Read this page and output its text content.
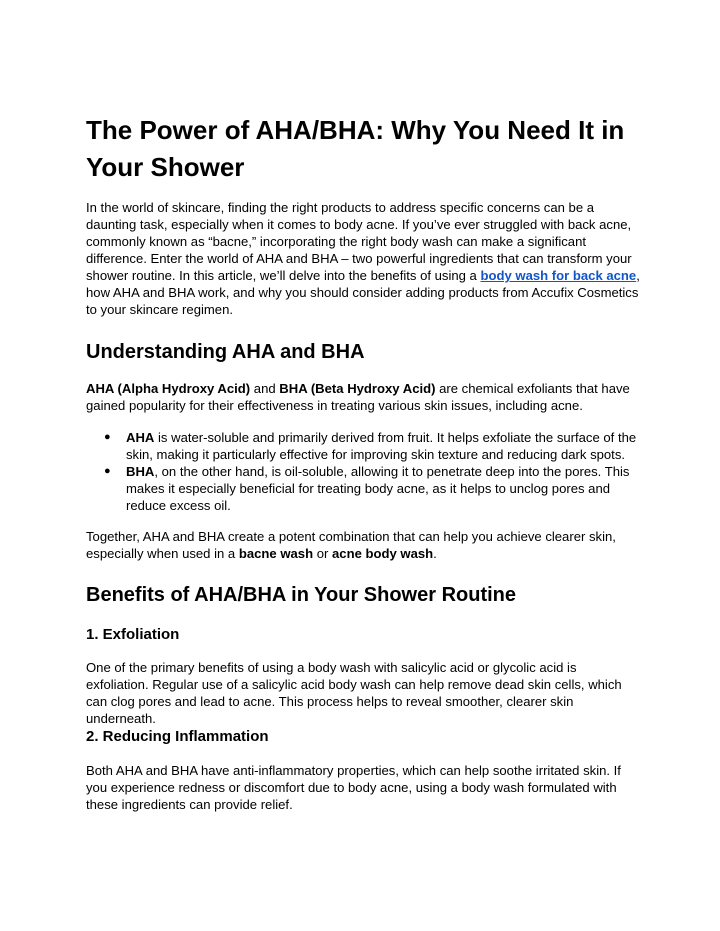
The Power of AHA/BHA: Why You Need It in Your Shower

In the world of skincare, finding the right products to address specific concerns can be a daunting task, especially when it comes to body acne. If you’ve ever struggled with back acne, commonly known as “bacne,” incorporating the right body wash can make a significant difference. Enter the world of AHA and BHA – two powerful ingredients that can transform your shower routine. In this article, we’ll delve into the benefits of using a body wash for back acne, how AHA and BHA work, and why you should consider adding products from Accufix Cosmetics to your skincare regimen.

Understanding AHA and BHA

AHA (Alpha Hydroxy Acid) and BHA (Beta Hydroxy Acid) are chemical exfoliants that have gained popularity for their effectiveness in treating various skin issues, including acne.

● AHA is water-soluble and primarily derived from fruit. It helps exfoliate the surface of the skin, making it particularly effective for improving skin texture and reducing dark spots.
● BHA, on the other hand, is oil-soluble, allowing it to penetrate deep into the pores. This makes it especially beneficial for treating body acne, as it helps to unclog pores and reduce excess oil.

Together, AHA and BHA create a potent combination that can help you achieve clearer skin, especially when used in a bacne wash or acne body wash.

Benefits of AHA/BHA in Your Shower Routine
1. Exfoliation

One of the primary benefits of using a body wash with salicylic acid or glycolic acid is exfoliation. Regular use of a salicylic acid body wash can help remove dead skin cells, which can clog pores and lead to acne. This process helps to reveal smoother, clearer skin underneath.

2. Reducing Inflammation

Both AHA and BHA have anti-inflammatory properties, which can help soothe irritated skin. If you experience redness or discomfort due to body acne, using a body wash formulated with these ingredients can provide relief.
